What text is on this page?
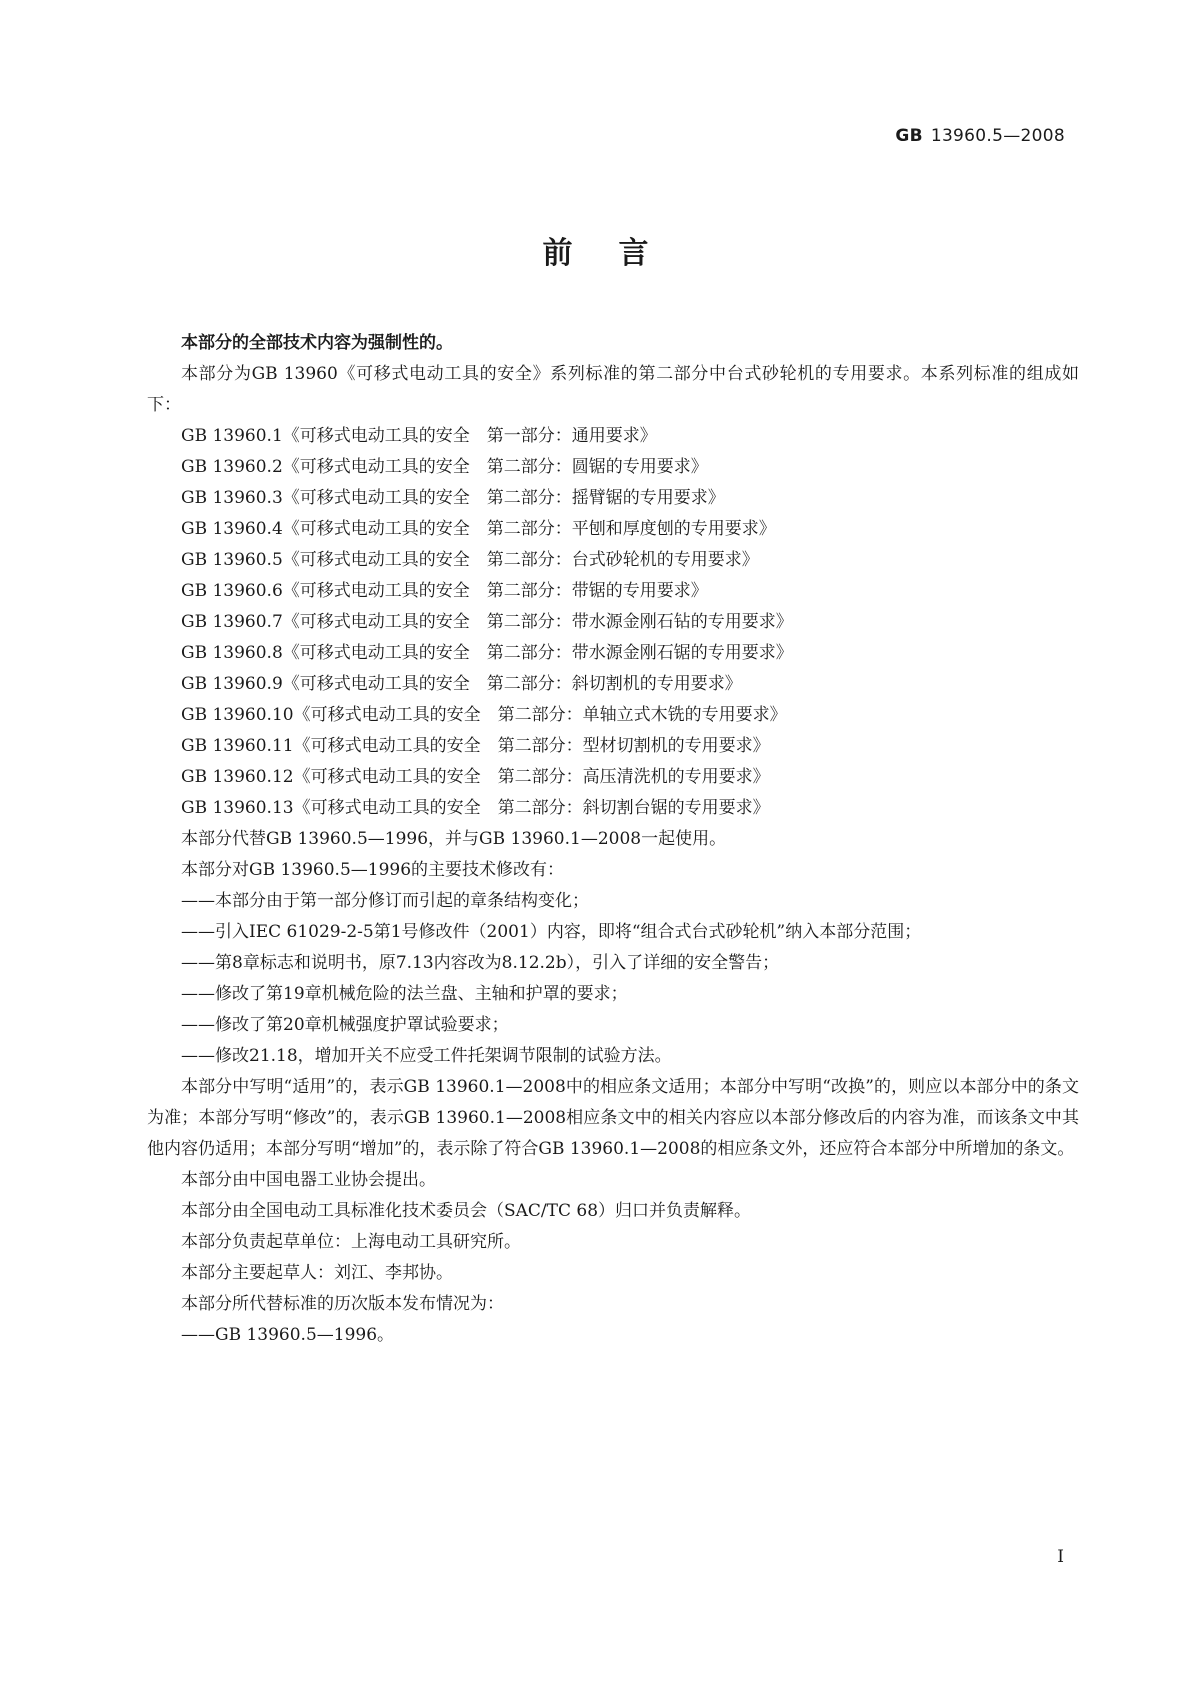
GB 13960.5—2008
前言

本部分的全部技术内容为强制性的。

本部分为GB 13960《可移式电动工具的安全》系列标准的第二部分中台式砂轮机的专用要求。本系列标准的组成如下：

GB 13960.1《可移式电动工具的安全　第一部分：通用要求》

GB 13960.2《可移式电动工具的安全　第二部分：圆锯的专用要求》

GB 13960.3《可移式电动工具的安全　第二部分：摇臂锯的专用要求》

GB 13960.4《可移式电动工具的安全　第二部分：平刨和厚度刨的专用要求》

GB 13960.5《可移式电动工具的安全　第二部分：台式砂轮机的专用要求》

GB 13960.6《可移式电动工具的安全　第二部分：带锯的专用要求》

GB 13960.7《可移式电动工具的安全　第二部分：带水源金刚石钻的专用要求》

GB 13960.8《可移式电动工具的安全　第二部分：带水源金刚石锯的专用要求》

GB 13960.9《可移式电动工具的安全　第二部分：斜切割机的专用要求》

GB 13960.10《可移式电动工具的安全　第二部分：单轴立式木铣的专用要求》

GB 13960.11《可移式电动工具的安全　第二部分：型材切割机的专用要求》

GB 13960.12《可移式电动工具的安全　第二部分：高压清洗机的专用要求》

GB 13960.13《可移式电动工具的安全　第二部分：斜切割台锯的专用要求》

本部分代替GB 13960.5—1996，并与GB 13960.1—2008一起使用。

本部分对GB 13960.5—1996的主要技术修改有：

——本部分由于第一部分修订而引起的章条结构变化；

——引入IEC 61029-2-5第1号修改件（2001）内容，即将“组合式台式砂轮机”纳入本部分范围；

——第8章标志和说明书，原7.13内容改为8.12.2b），引入了详细的安全警告；

——修改了第19章机械危险的法兰盘、主轴和护罩的要求；

——修改了第20章机械强度护罩试验要求；

——修改21.18，增加开关不应受工件托架调节限制的试验方法。

本部分中写明“适用”的，表示GB 13960.1—2008中的相应条文适用；本部分中写明“改换”的，则应以本部分中的条文为准；本部分写明“修改”的，表示GB 13960.1—2008相应条文中的相关内容应以本部分修改后的内容为准，而该条文中其他内容仍适用；本部分写明“增加”的，表示除了符合GB 13960.1—2008的相应条文外，还应符合本部分中所增加的条文。

本部分由中国电器工业协会提出。

本部分由全国电动工具标准化技术委员会（SAC/TC 68）归口并负责解释。

本部分负责起草单位：上海电动工具研究所。

本部分主要起草人：刘江、李邦协。

本部分所代替标准的历次版本发布情况为：

——GB 13960.5—1996。

I
